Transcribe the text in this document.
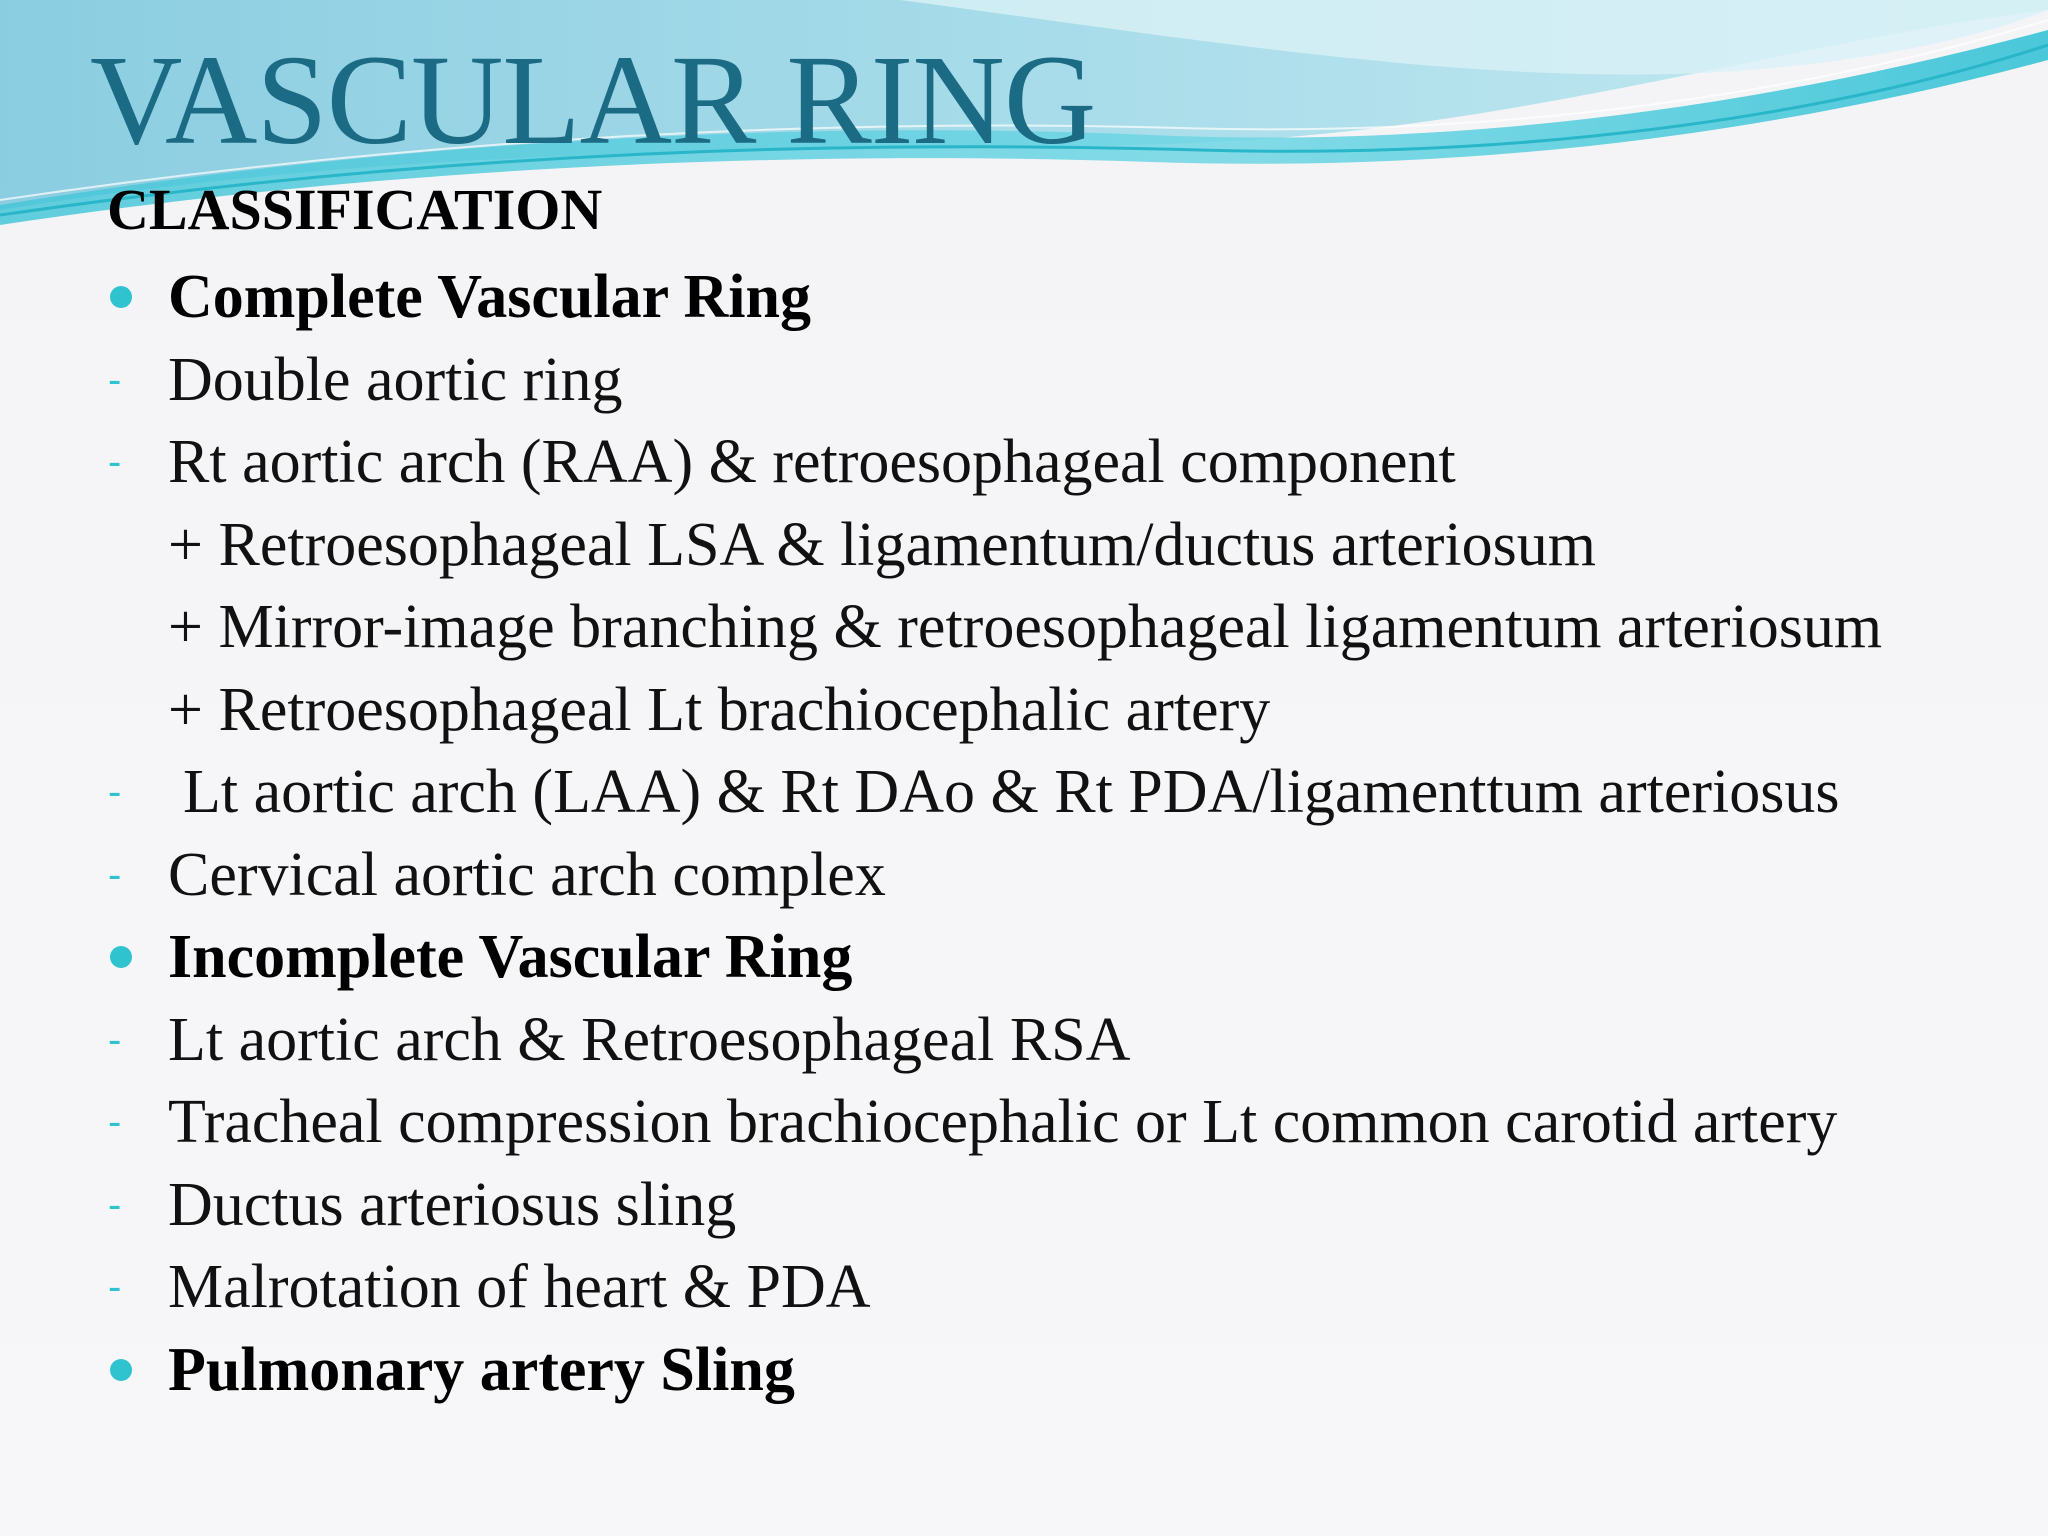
VASCULAR RING
CLASSIFICATION
Complete Vascular Ring
- Double aortic ring
- Rt aortic arch (RAA) & retroesophageal component
+ Retroesophageal LSA & ligamentum/ductus arteriosum
+ Mirror-image branching & retroesophageal ligamentum arteriosum
+ Retroesophageal Lt brachiocephalic artery
- Lt aortic arch (LAA) & Rt DAo & Rt PDA/ligamenttum arteriosus
- Cervical aortic arch complex
Incomplete Vascular Ring
- Lt aortic arch & Retroesophageal RSA
- Tracheal compression brachiocephalic or Lt common carotid artery
- Ductus arteriosus sling
- Malrotation of heart & PDA
Pulmonary artery Sling
